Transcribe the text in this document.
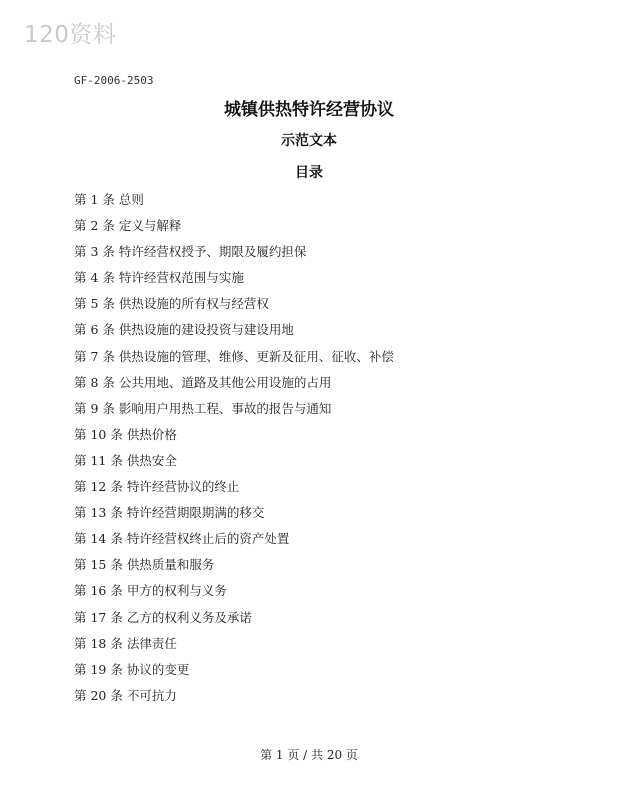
120资料
GF-2006-2503
城镇供热特许经营协议
示范文本
目录
第 1 条 总则
第 2 条 定义与解释
第 3 条 特许经营权授予、期限及履约担保
第 4 条 特许经营权范围与实施
第 5 条 供热设施的所有权与经营权
第 6 条 供热设施的建设投资与建设用地
第 7 条 供热设施的管理、维修、更新及征用、征收、补偿
第 8 条 公共用地、道路及其他公用设施的占用
第 9 条 影响用户用热工程、事故的报告与通知
第 10 条 供热价格
第 11 条 供热安全
第 12 条 特许经营协议的终止
第 13 条 特许经营期限期满的移交
第 14 条 特许经营权终止后的资产处置
第 15 条 供热质量和服务
第 16 条 甲方的权利与义务
第 17 条 乙方的权利义务及承诺
第 18 条 法律责任
第 19 条 协议的变更
第 20 条 不可抗力
第 1 页 / 共 20 页
